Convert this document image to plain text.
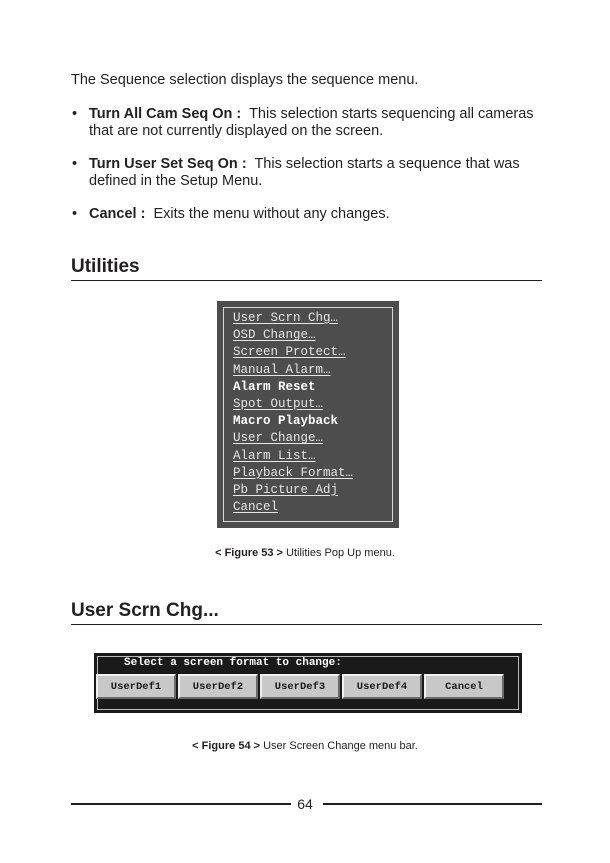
The Sequence selection displays the sequence menu.
• Turn All Cam Seq On : This selection starts sequencing all cameras that are not currently displayed on the screen.
• Turn User Set Seq On : This selection starts a sequence that was defined in the Setup Menu.
• Cancel : Exits the menu without any changes.
Utilities
User Scrn Chg…
OSD Change…
Screen Protect…
Manual Alarm…
Alarm Reset
Spot Output…
Macro Playback
User Change…
Alarm List…
Playback Format…
Pb Picture Adj
Cancel
< Figure 53 > Utilities Pop Up menu.
User Scrn Chg...
Select a screen format to change:
UserDef1	UserDef2	UserDef3	UserDef4	Cancel
< Figure 54 > User Screen Change menu bar.
64
